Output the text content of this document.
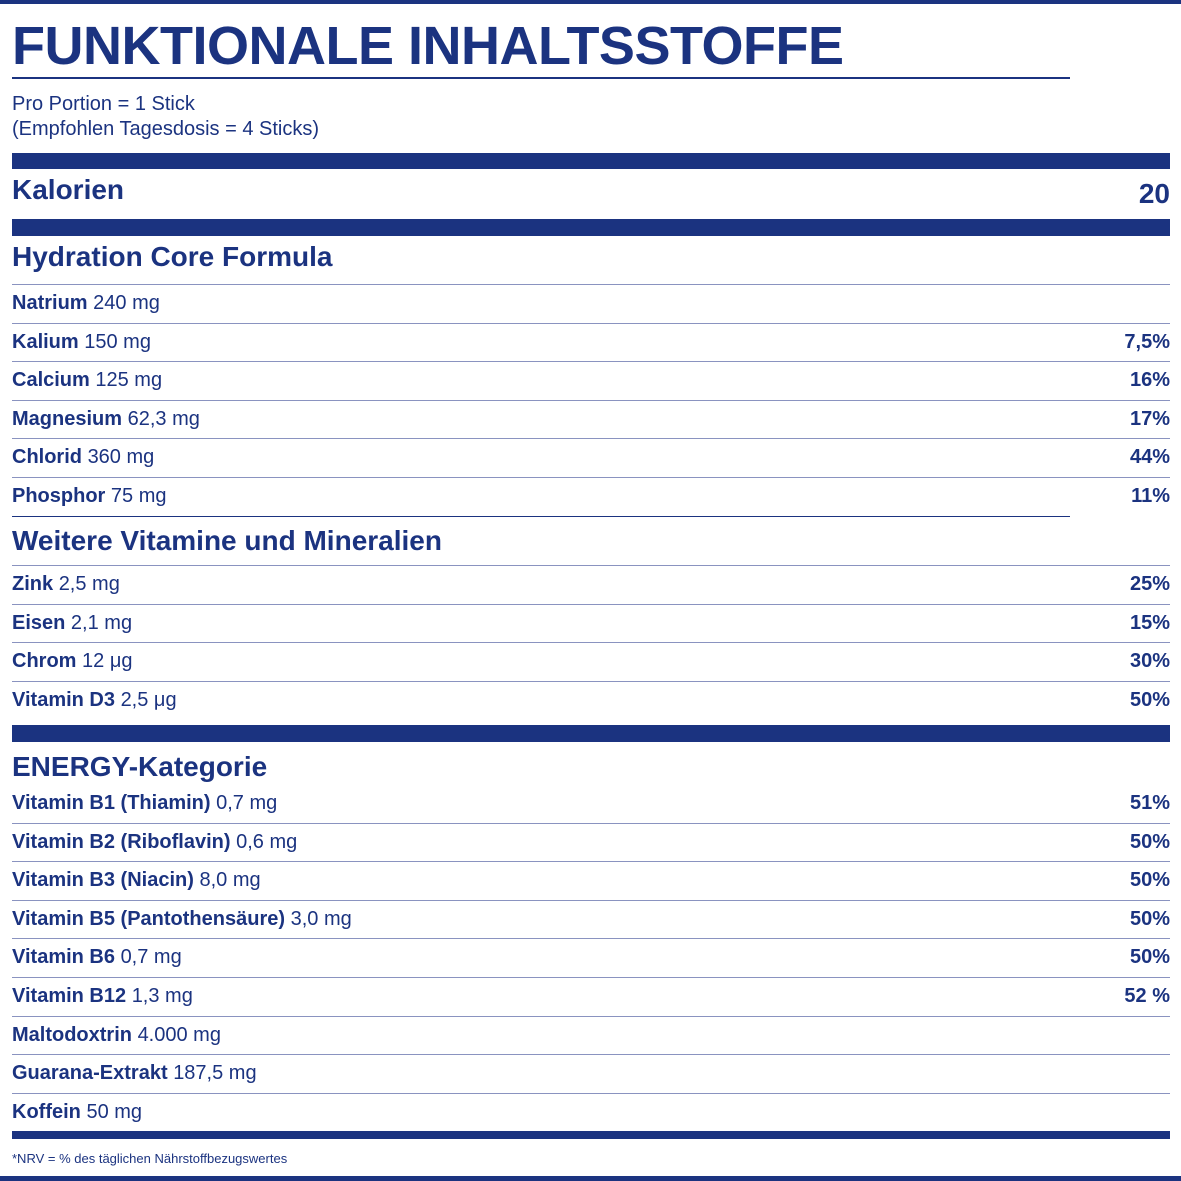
FUNKTIONALE INHALTSSTOFFE
Pro Portion = 1 Stick
(Empfohlen Tagesdosis = 4 Sticks)
Kalorien	20
Hydration Core Formula
Natrium 240 mg
Kalium 150 mg	7,5%
Calcium 125 mg	16%
Magnesium 62,3 mg	17%
Chlorid 360 mg	44%
Phosphor 75 mg	11%
Weitere Vitamine und Mineralien
Zink 2,5 mg	25%
Eisen 2,1 mg	15%
Chrom 12 μg	30%
Vitamin D3 2,5 μg	50%
ENERGY-Kategorie
Vitamin B1 (Thiamin) 0,7 mg	51%
Vitamin B2 (Riboflavin) 0,6 mg	50%
Vitamin B3 (Niacin) 8,0 mg	50%
Vitamin B5 (Pantothensäure) 3,0 mg	50%
Vitamin B6 0,7 mg	50%
Vitamin B12 1,3 mg	52 %
Maltodoxtrin 4.000 mg
Guarana-Extrakt 187,5 mg
Koffein 50 mg
*NRV = % des täglichen Nährstoffbezugswertes
